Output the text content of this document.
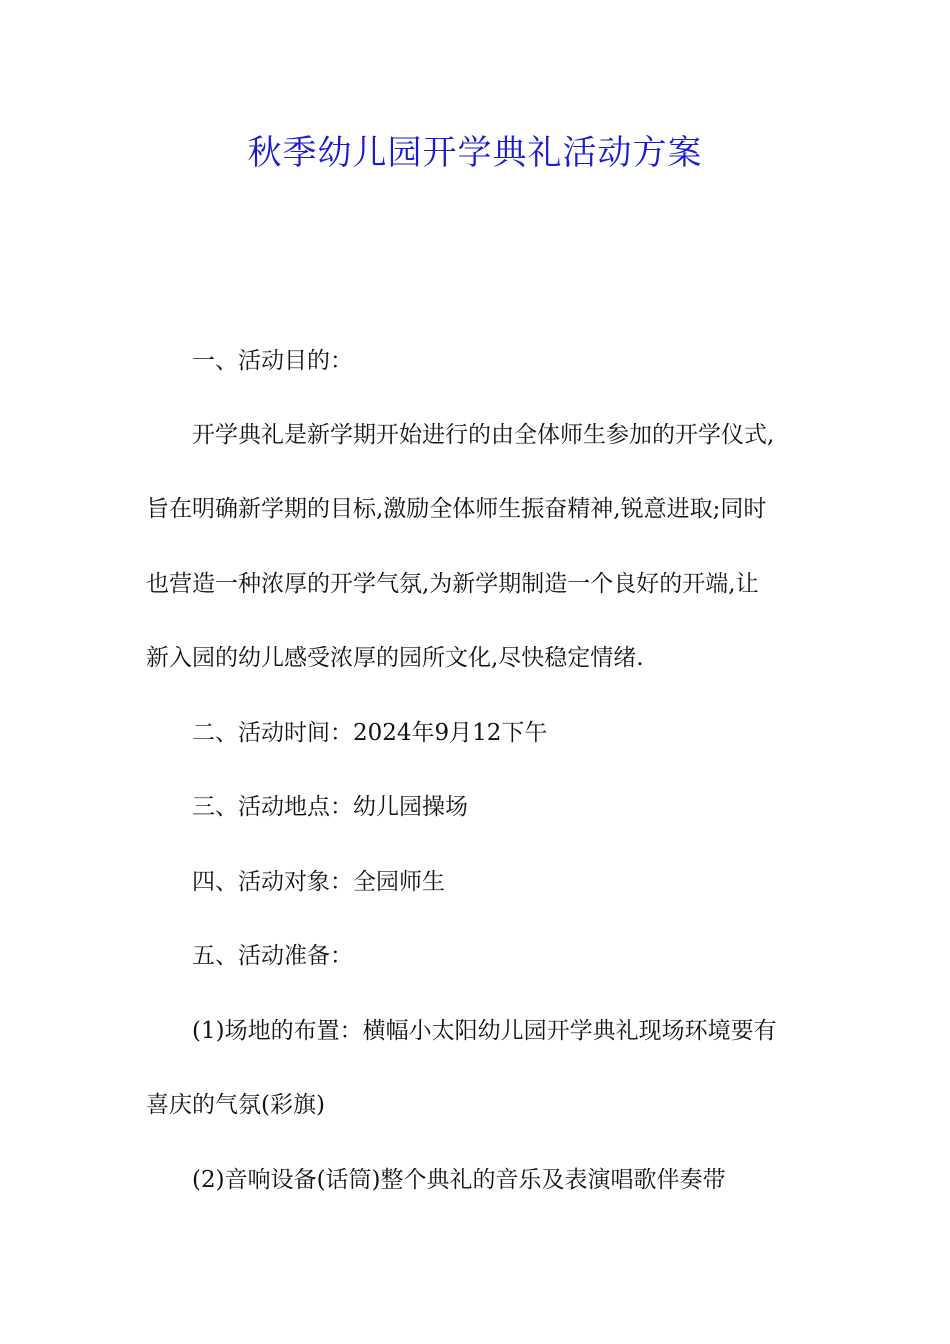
秋季幼儿园开学典礼活动方案
一、活动目的：
开学典礼是新学期开始进行的由全体师生参加的开学仪式,
旨在明确新学期的目标,激励全体师生振奋精神,锐意进取;同时
也营造一种浓厚的开学气氛,为新学期制造一个良好的开端,让
新入园的幼儿感受浓厚的园所文化,尽快稳定情绪.
二、活动时间：2024年9月12下午
三、活动地点：幼儿园操场
四、活动对象：全园师生
五、活动准备：
(1)场地的布置：横幅小太阳幼儿园开学典礼现场环境要有
喜庆的气氛(彩旗)
(2)音响设备(话筒)整个典礼的音乐及表演唱歌伴奏带
